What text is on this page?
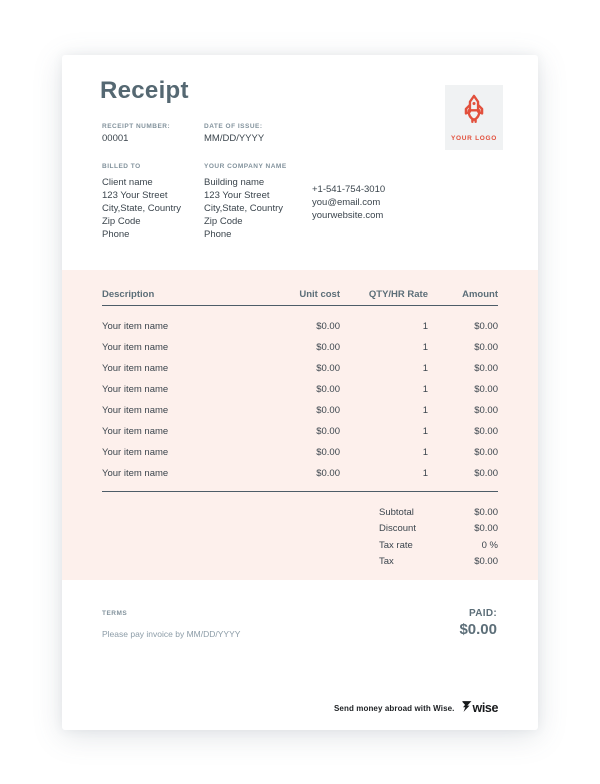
Receipt
RECEIPT NUMBER:
00001
DATE OF ISSUE:
MM/DD/YYYY	YOUR LOGO
BILLED TO
Client name
123 Your Street
City,State, Country
Zip Code
Phone
YOUR COMPANY NAME
Building name
123 Your Street
City,State, Country
Zip Code
Phone
+1-541-754-3010
you@email.com
yourwebsite.com
Description	Unit cost	QTY/HR Rate	Amount
Your item name	$0.00	1	$0.00
Your item name	$0.00	1	$0.00
Your item name	$0.00	1	$0.00
Your item name	$0.00	1	$0.00
Your item name	$0.00	1	$0.00
Your item name	$0.00	1	$0.00
Your item name	$0.00	1	$0.00
Your item name	$0.00	1	$0.00
Subtotal	$0.00
Discount	$0.00
Tax rate	0 %
Tax	$0.00
TERMS
Please pay invoice by MM/DD/YYYY
PAID:
$0.00
Send money abroad with Wise. wise
